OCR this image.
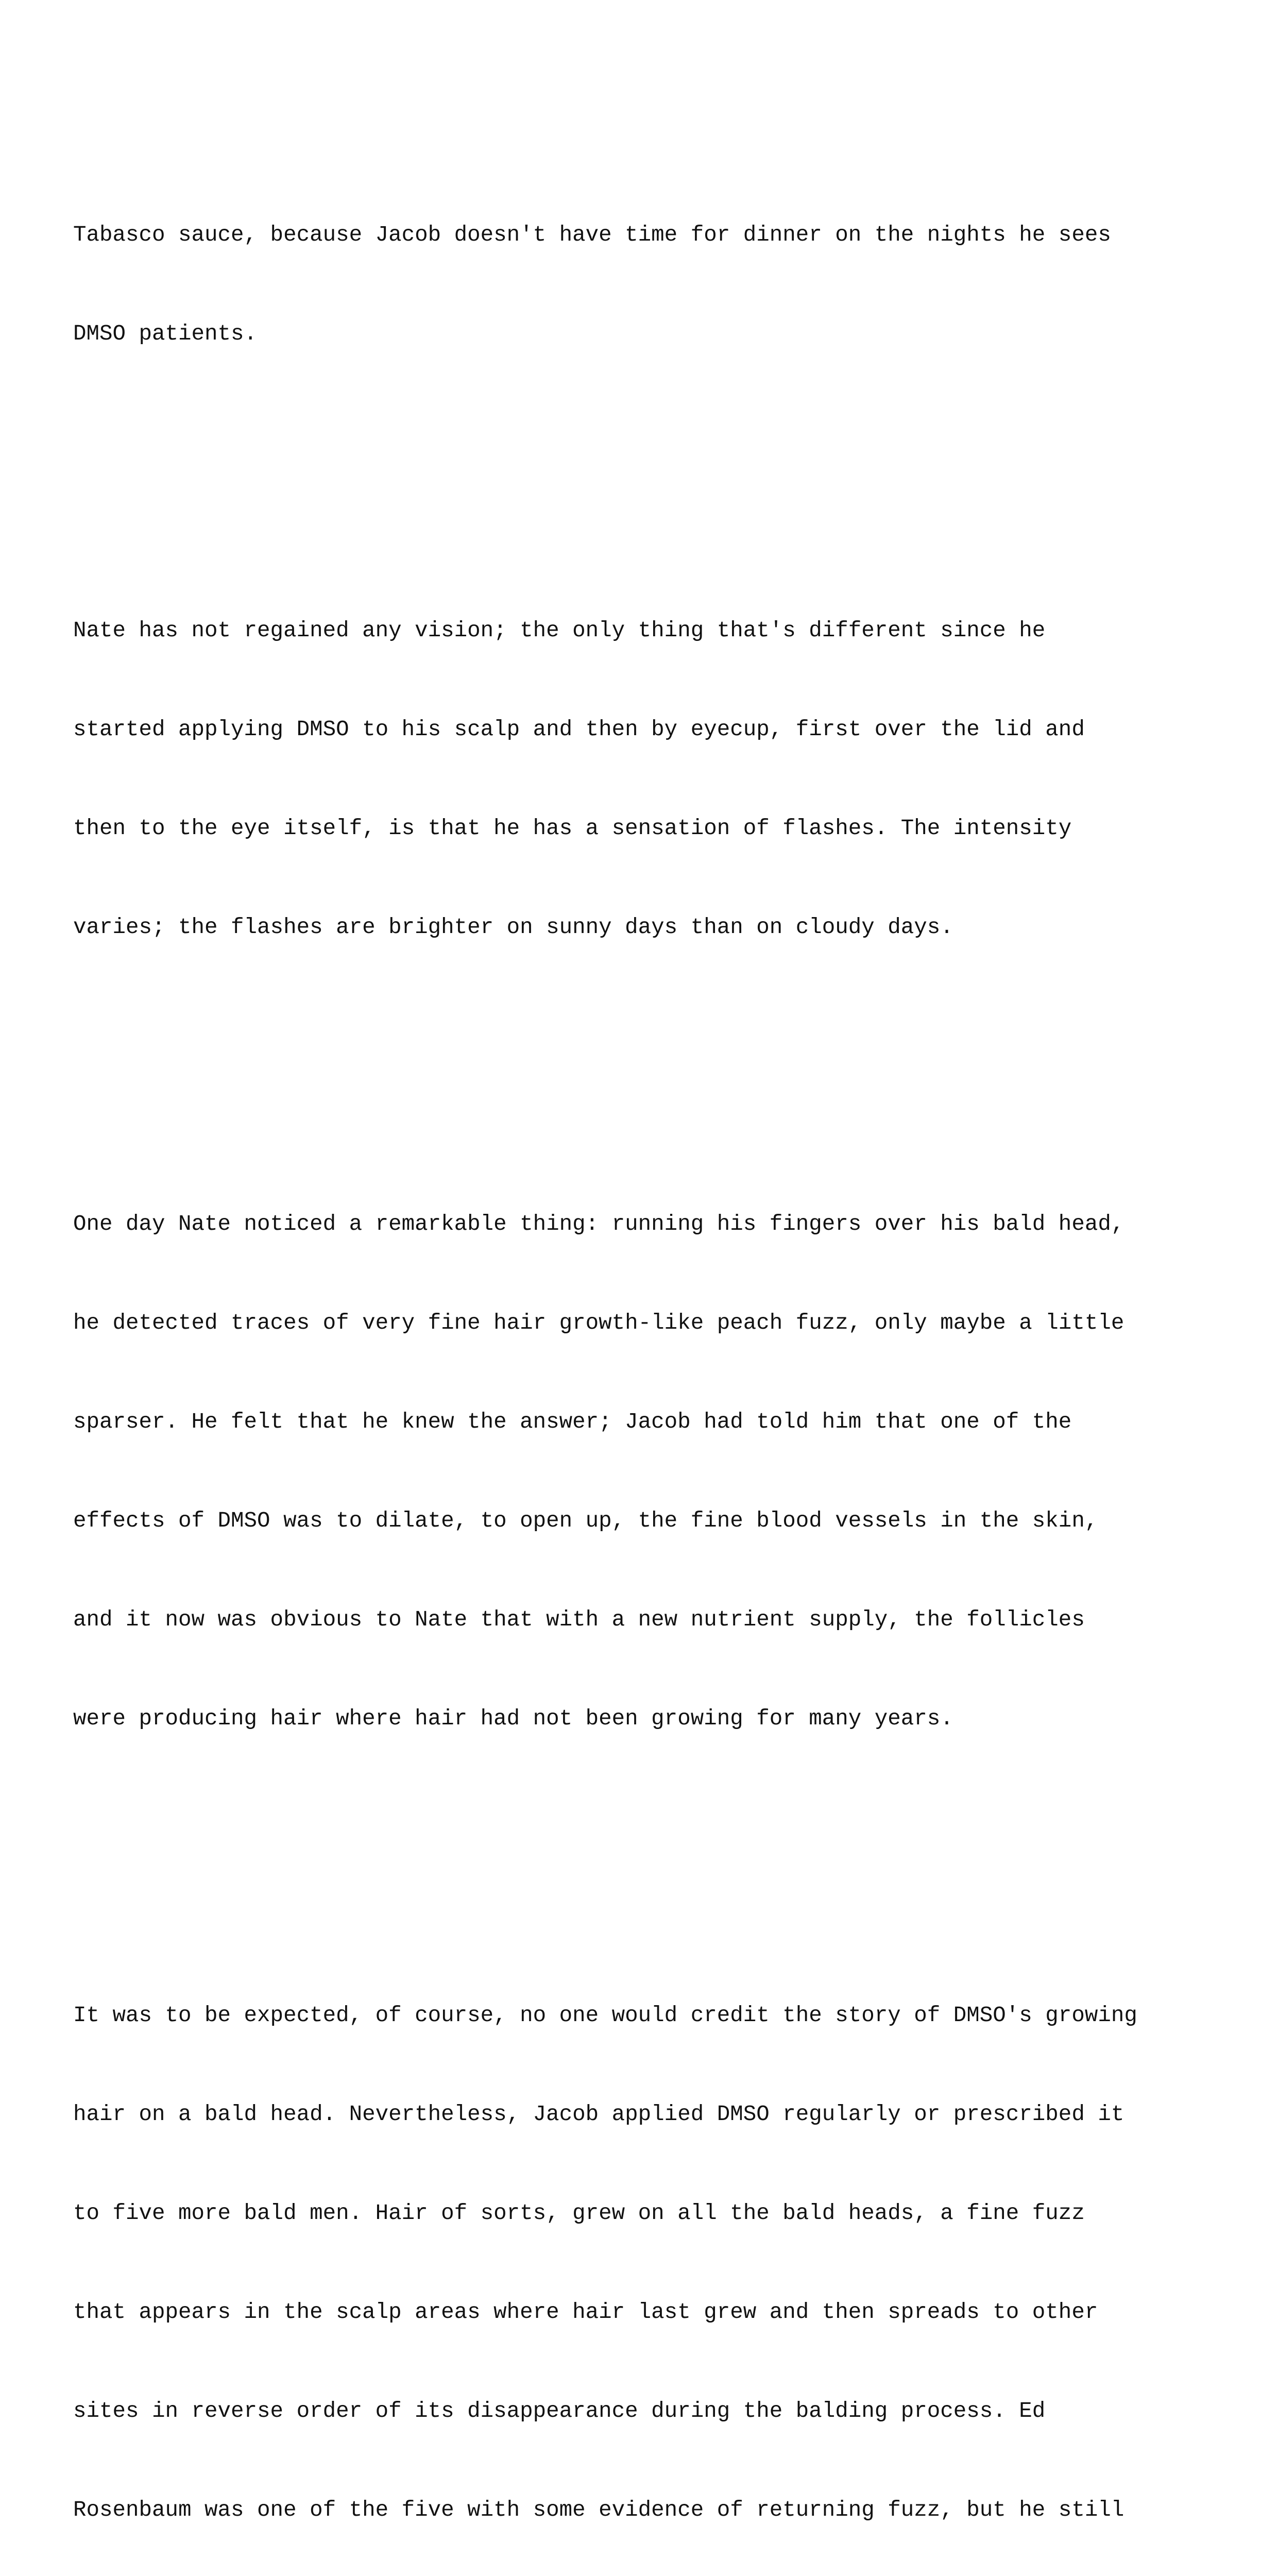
Tabasco sauce, because Jacob doesn't have time for dinner on the nights he sees

DMSO patients.

Nate has not regained any vision; the only thing that's different since he

started applying DMSO to his scalp and then by eyecup, first over the lid and

then to the eye itself, is that he has a sensation of flashes. The intensity

varies; the flashes are brighter on sunny days than on cloudy days.

One day Nate noticed a remarkable thing: running his fingers over his bald head,

he detected traces of very fine hair growth-like peach fuzz, only maybe a little

sparser. He felt that he knew the answer; Jacob had told him that one of the

effects of DMSO was to dilate, to open up, the fine blood vessels in the skin,

and it now was obvious to Nate that with a new nutrient supply, the follicles

were producing hair where hair had not been growing for many years.

It was to be expected, of course, no one would credit the story of DMSO's growing

hair on a bald head. Nevertheless, Jacob applied DMSO regularly or prescribed it

to five more bald men. Hair of sorts, grew on all the bald heads, a fine fuzz

that appears in the scalp areas where hair last grew and then spreads to other

sites in reverse order of its disappearance during the balding process. Ed

Rosenbaum was one of the five with some evidence of returning fuzz, but he still
